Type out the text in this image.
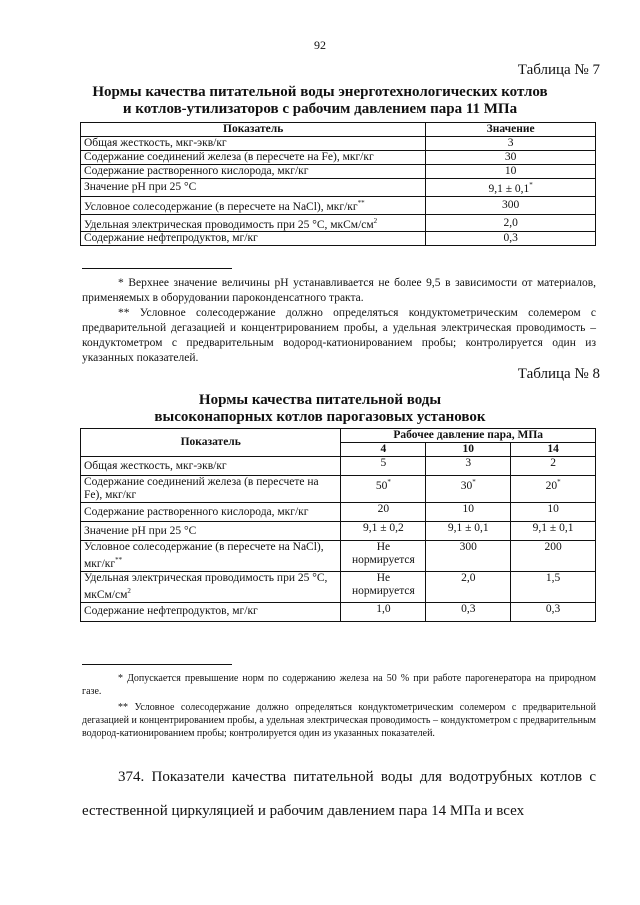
92
Таблица № 7
Нормы качества питательной воды энерготехнологических котлов
и котлов-утилизаторов с рабочим давлением пара 11 МПа
Показатель	Значение
Общая жесткость, мкг-экв/кг	3
Содержание соединений железа (в пересчете на Fe), мкг/кг	30
Содержание растворенного кислорода, мкг/кг	10
Значение pH при 25 °С	9,1 ± 0,1*
Условное солесодержание (в пересчете на NaCl), мкг/кг**	300
Удельная электрическая проводимость при 25 °С, мкСм/$см^2$	2,0
Содержание нефтепродуктов, мг/кг	0,3
* Верхнее значение величины pH устанавливается не более 9,5 в зависимости от материалов, применяемых в оборудовании пароконденсатного тракта.
** Условное солесодержание должно определяться кондуктометрическим солемером с предварительной дегазацией и концентрированием пробы, а удельная электрическая проводимость – кондуктометром с предварительным водород-катионированием пробы; контролируется один из указанных показателей.
Таблица № 8
Нормы качества питательной воды
высоконапорных котлов парогазовых установок
Показатель	Рабочее давление пара, МПа		
	4	10	14
Общая жесткость, мкг-экв/кг	5	3	2
Содержание соединений железа (в пересчете на Fe), мкг/кг	50*	30*	20*
Содержание растворенного кислорода, мкг/кг	20	10	10
Значение pH при 25 °С	9,1 ± 0,2	9,1 ± 0,1	9,1 ± 0,1
Условное солесодержание (в пересчете на NaCl), мкг/кг**	Не нормируется	300	200
Удельная электрическая проводимость при 25 °С, мкСм/$см^2$	Не нормируется	2,0	1,5
Содержание нефтепродуктов, мг/кг	1,0	0,3	0,3
* Допускается превышение норм по содержанию железа на 50 % при работе парогенератора на природном газе.
** Условное солесодержание должно определяться кондуктометрическим солемером с предварительной дегазацией и концентрированием пробы, а удельная электрическая проводимость – кондуктометром с предварительным водород-катионированием пробы; контролируется один из указанных показателей.
374. Показатели качества питательной воды для водотрубных котлов с естественной циркуляцией и рабочим давлением пара 14 МПа и всех
